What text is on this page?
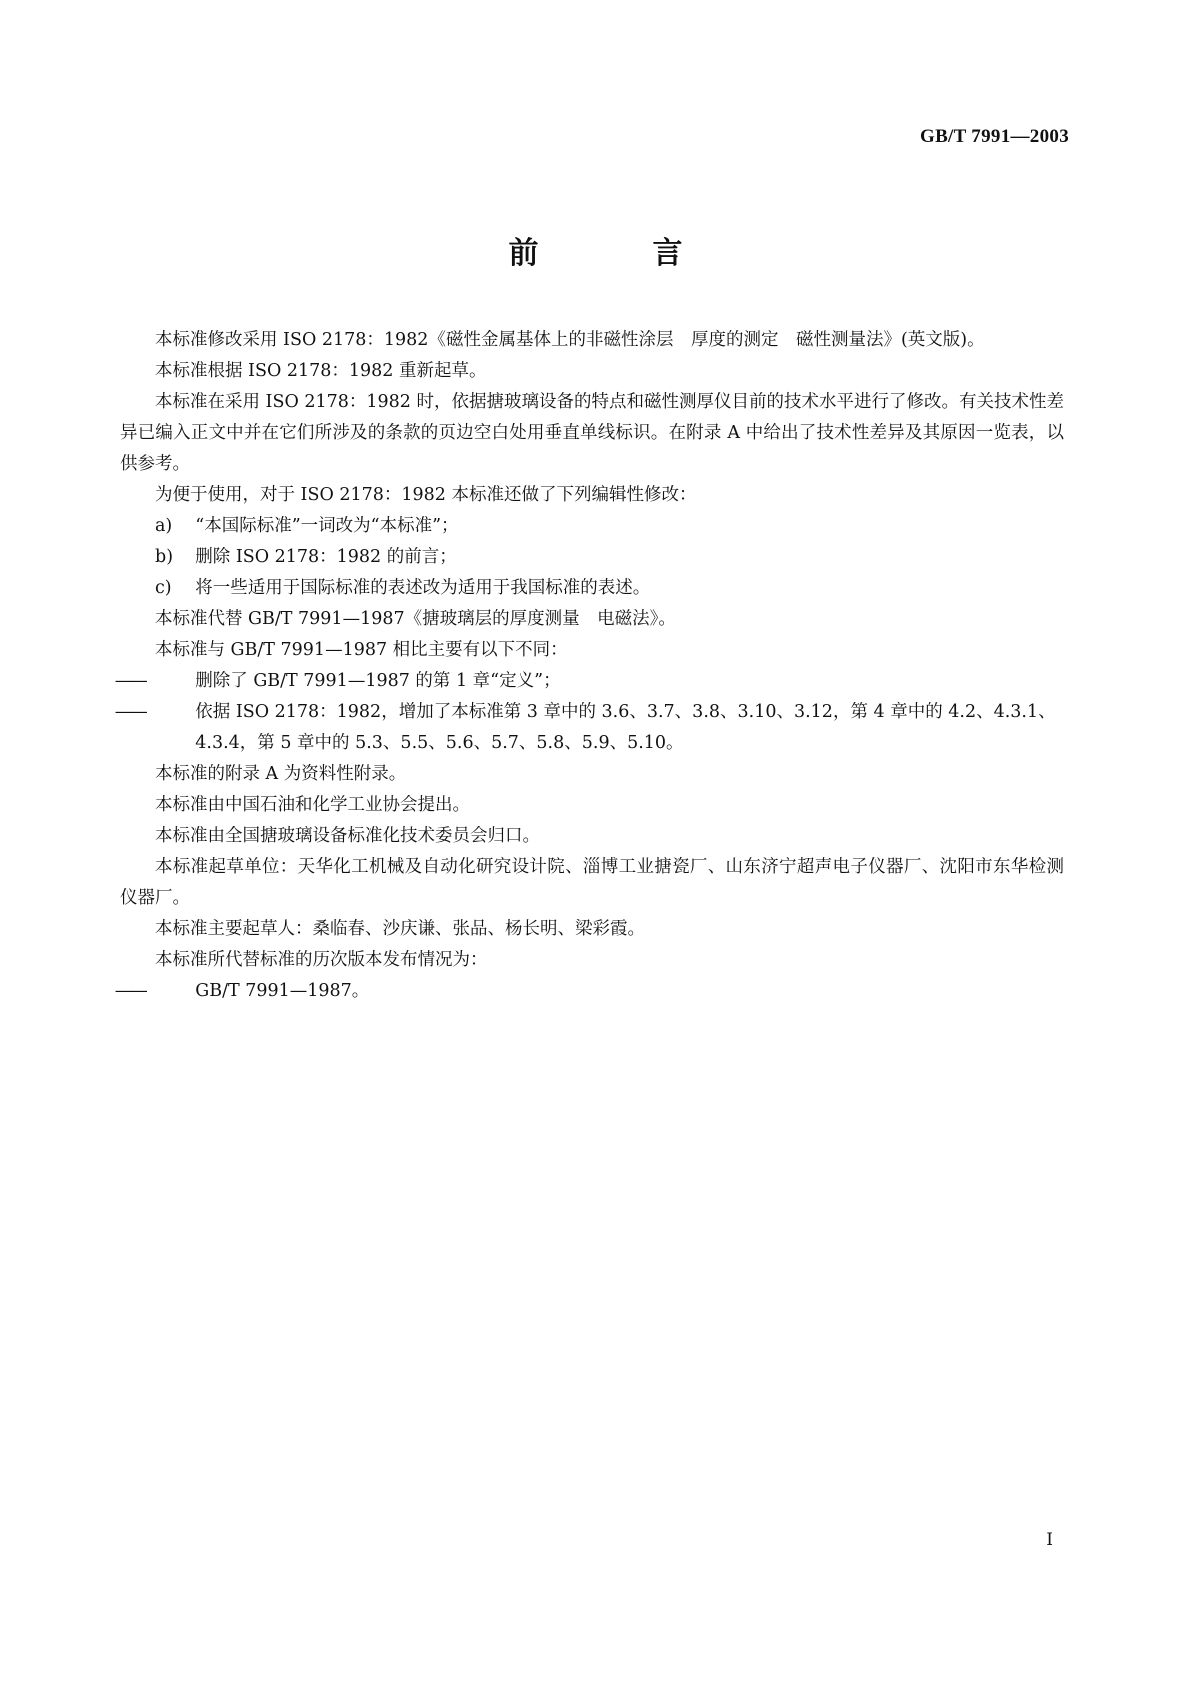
GB/T 7991—2003
前　言

本标准修改采用 ISO 2178：1982《磁性金属基体上的非磁性涂层　厚度的测定　磁性测量法》(英文版)。

本标准根据 ISO 2178：1982 重新起草。

本标准在采用 ISO 2178：1982 时，依据搪玻璃设备的特点和磁性测厚仪目前的技术水平进行了修改。有关技术性差异已编入正文中并在它们所涉及的条款的页边空白处用垂直单线标识。在附录 A 中给出了技术性差异及其原因一览表，以供参考。

为便于使用，对于 ISO 2178：1982 本标准还做了下列编辑性修改：

a) “本国际标准”一词改为“本标准”；

b) 删除 ISO 2178：1982 的前言；

c) 将一些适用于国际标准的表述改为适用于我国标准的表述。

本标准代替 GB/T 7991—1987《搪玻璃层的厚度测量　电磁法》。

本标准与 GB/T 7991—1987 相比主要有以下不同：

——	删除了 GB/T 7991—1987 的第 1 章“定义”；

——	依据 ISO 2178：1982，增加了本标准第 3 章中的 3.6、3.7、3.8、3.10、3.12，第 4 章中的 4.2、4.3.1、4.3.4，第 5 章中的 5.3、5.5、5.6、5.7、5.8、5.9、5.10。

本标准的附录 A 为资料性附录。

本标准由中国石油和化学工业协会提出。

本标准由全国搪玻璃设备标准化技术委员会归口。

本标准起草单位：天华化工机械及自动化研究设计院、淄博工业搪瓷厂、山东济宁超声电子仪器厂、沈阳市东华检测仪器厂。

本标准主要起草人：桑临春、沙庆谦、张品、杨长明、梁彩霞。

本标准所代替标准的历次版本发布情况为：

——	GB/T 7991—1987。

I
